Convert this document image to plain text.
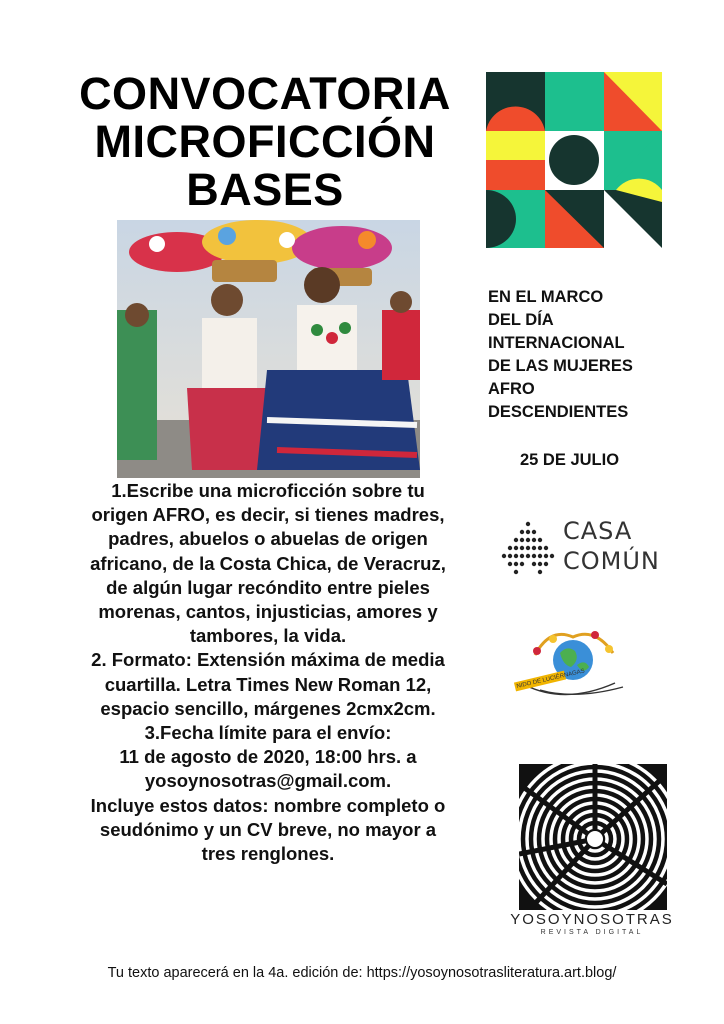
CONVOCATORIA
MICROFICCIÓN
BASES
EN EL MARCO
DEL DÍA
INTERNACIONAL
DE LAS MUJERES
AFRO
DESCENDIENTES
25 DE JULIO

1.Escribe una microficción sobre tu origen AFRO, es decir, si tienes madres, padres, abuelos o abuelas de origen africano, de la Costa Chica, de Veracruz, de algún lugar recóndito entre pieles morenas, cantos, injusticias, amores y tambores, la vida.

2. Formato: Extensión máxima de media cuartilla. Letra Times New Roman 12, espacio sencillo, márgenes 2cmx2cm.

3.Fecha límite para el envío:

11 de agosto de 2020, 18:00 hrs. a yosoynosotras@gmail.com.

Incluye estos datos: nombre completo o seudónimo y un CV breve, no mayor a tres renglones.

CASA
COMÚN
NIDO DE LUCIÉRNAGAS
YOSOYNOSOTRAS
REVISTA DIGITAL
Tu texto aparecerá en la 4a. edición de: https://yosoynosotrasliteratura.art.blog/
